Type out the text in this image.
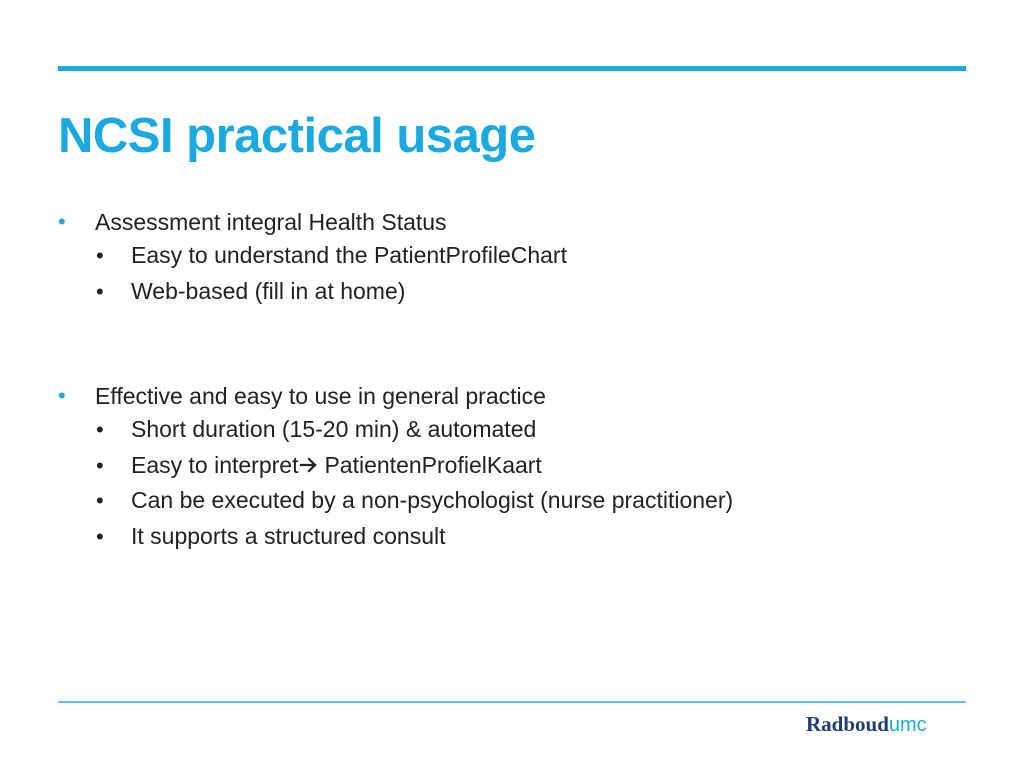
NCSI practical usage
• Assessment integral Health Status
• Easy to understand the PatientProfileChart
• Web-based (fill in at home)
• Effective and easy to use in general practice
• Short duration (15-20 min) & automated
• Easy to interpret PatientenProfielKaart
• Can be executed by a non-psychologist (nurse practitioner)
• It supports a structured consult
Radboudumc
